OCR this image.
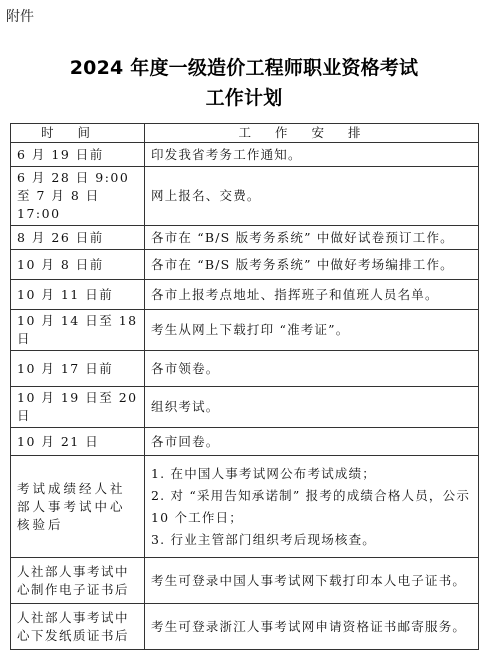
附件
2024 年度一级造价工程师职业资格考试
工作计划
时间	工作安排
6 月 19 日前	印发我省考务工作通知。
6 月 28 日 9:00 至 7 月 8 日 17:00	网上报名、交费。
8 月 26 日前	各市在 “B/S 版考务系统” 中做好试卷预订工作。
10 月 8 日前	各市在 “B/S 版考务系统” 中做好考场编排工作。
10 月 11 日前	各市上报考点地址、指挥班子和值班人员名单。
10 月 14 日至 18 日	考生从网上下载打印 “准考证”。
10 月 17 日前	各市领卷。
10 月 19 日至 20 日	组织考试。
10 月 21 日	各市回卷。
考试成绩经人社部人事考试中心核验后	1. 在中国人事考试网公布考试成绩；
2. 对 “采用告知承诺制” 报考的成绩合格人员，公示 10 个工作日；
3. 行业主管部门组织考后现场核查。

人社部人事考试中心制作电子证书后	考生可登录中国人事考试网下载打印本人电子证书。
人社部人事考试中心下发纸质证书后	考生可登录浙江人事考试网申请资格证书邮寄服务。
